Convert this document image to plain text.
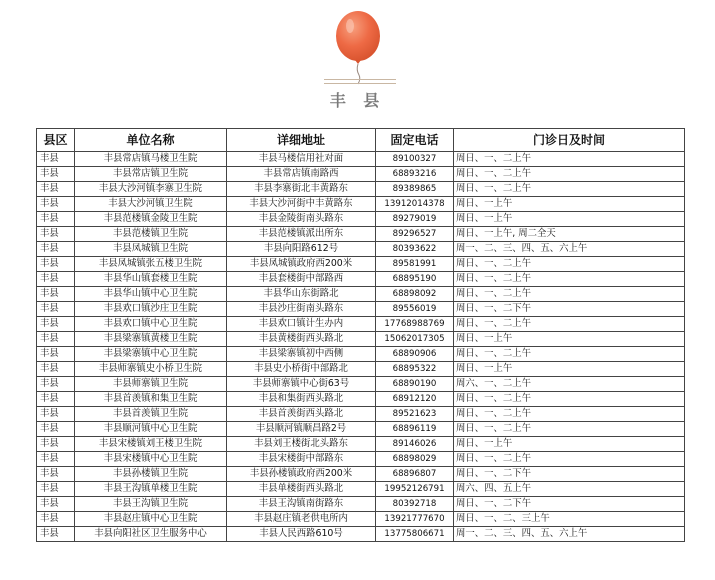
丰 县
县区	单位名称	详细地址	固定电话	门诊日及时间
丰县	丰县常店镇马楼卫生院	丰县马楼信用社对面	89100327	周日、一、二上午
丰县	丰县常店镇卫生院	丰县常店镇南路西	68893216	周日、一、二上午
丰县	丰县大沙河镇李寨卫生院	丰县李寨街北丰黄路东	89389865	周日、一、二上午
丰县	丰县大沙河镇卫生院	丰县大沙河街中丰黄路东	13912014378	周日、一上午
丰县	丰县范楼镇金陵卫生院	丰县金陵街南头路东	89279019	周日、一上午
丰县	丰县范楼镇卫生院	丰县范楼镇派出所东	89296527	周日、一上午, 周二全天
丰县	丰县凤城镇卫生院	丰县向阳路612号	80393622	周一、二、三、四、五、六上午
丰县	丰县凤城镇张五楼卫生院	丰县凤城镇政府西200米	89581991	周日、一、二上午
丰县	丰县华山镇套楼卫生院	丰县套楼街中部路西	68895190	周日、一、二上午
丰县	丰县华山镇中心卫生院	丰县华山东街路北	68898092	周日、一、二上午
丰县	丰县欢口镇沙庄卫生院	丰县沙庄街南头路东	89556019	周日、一、二下午
丰县	丰县欢口镇中心卫生院	丰县欢口镇计生办内	17768988769	周日、一、二上午
丰县	丰县梁寨镇黄楼卫生院	丰县黄楼街西头路北	15062017305	周日、一上午
丰县	丰县梁寨镇中心卫生院	丰县梁寨镇初中西侧	68890906	周日、一、二上午
丰县	丰县师寨镇史小桥卫生院	丰县史小桥街中部路北	68895322	周日、一上午
丰县	丰县师寨镇卫生院	丰县师寨镇中心街63号	68890190	周六、一、二上午
丰县	丰县首羡镇和集卫生院	丰县和集街西头路北	68912120	周日、一、二上午
丰县	丰县首羡镇卫生院	丰县首羡街西头路北	89521623	周日、一、二上午
丰县	丰县顺河镇中心卫生院	丰县顺河镇顺昌路2号	68896119	周日、一、二上午
丰县	丰县宋楼镇刘王楼卫生院	丰县刘王楼街北头路东	89146026	周日、一上午
丰县	丰县宋楼镇中心卫生院	丰县宋楼街中部路东	68898029	周日、一、二上午
丰县	丰县孙楼镇卫生院	丰县孙楼镇政府西200米	68896807	周日、一、二下午
丰县	丰县王沟镇单楼卫生院	丰县单楼街西头路北	19952126791	周六、四、五上午
丰县	丰县王沟镇卫生院	丰县王沟镇南街路东	80392718	周日、一、二下午
丰县	丰县赵庄镇中心卫生院	丰县赵庄镇老供电所内	13921777670	周日、一、二、三上午
丰县	丰县向阳社区卫生服务中心	丰县人民西路610号	13775806671	周一、二、三、四、五、六上午
